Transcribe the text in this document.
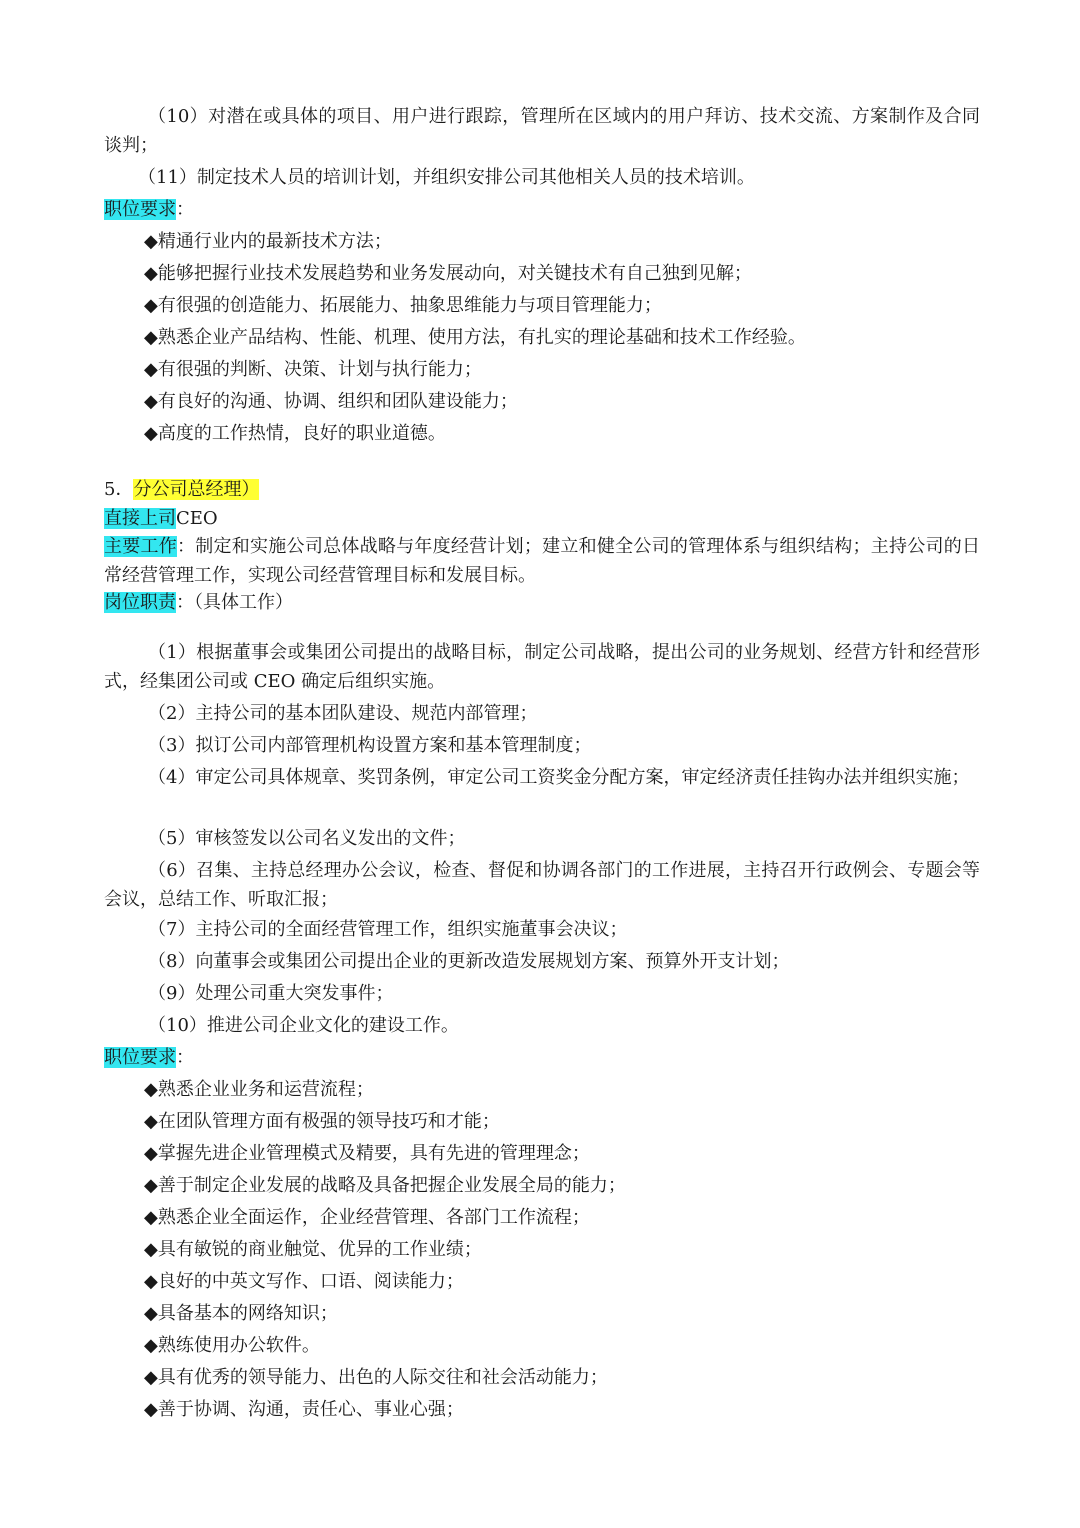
（10）对潜在或具体的项目、用户进行跟踪，管理所在区域内的用户拜访、技术交流、方案制作及合同谈判；
（11）制定技术人员的培训计划，并组织安排公司其他相关人员的技术培训。
职位要求：
◆精通行业内的最新技术方法；
◆能够把握行业技术发展趋势和业务发展动向，对关键技术有自己独到见解；
◆有很强的创造能力、拓展能力、抽象思维能力与项目管理能力；
◆熟悉企业产品结构、性能、机理、使用方法，有扎实的理论基础和技术工作经验。
◆有很强的判断、决策、计划与执行能力；
◆有良好的沟通、协调、组织和团队建设能力；
◆高度的工作热情，良好的职业道德。
5．分公司总经理）
直接上司CEO
主要工作：制定和实施公司总体战略与年度经营计划；建立和健全公司的管理体系与组织结构；主持公司的日常经营管理工作，实现公司经营管理目标和发展目标。
岗位职责：（具体工作）
（1）根据董事会或集团公司提出的战略目标，制定公司战略，提出公司的业务规划、经营方针和经营形式，经集团公司或 CEO 确定后组织实施。
（2）主持公司的基本团队建设、规范内部管理；
（3）拟订公司内部管理机构设置方案和基本管理制度；
（4）审定公司具体规章、奖罚条例，审定公司工资奖金分配方案，审定经济责任挂钩办法并组织实施；
（5）审核签发以公司名义发出的文件；
（6）召集、主持总经理办公会议，检查、督促和协调各部门的工作进展，主持召开行政例会、专题会等会议，总结工作、听取汇报；
（7）主持公司的全面经营管理工作，组织实施董事会决议；
（8）向董事会或集团公司提出企业的更新改造发展规划方案、预算外开支计划；
（9）处理公司重大突发事件；
（10）推进公司企业文化的建设工作。
职位要求：
◆熟悉企业业务和运营流程；
◆在团队管理方面有极强的领导技巧和才能；
◆掌握先进企业管理模式及精要，具有先进的管理理念；
◆善于制定企业发展的战略及具备把握企业发展全局的能力；
◆熟悉企业全面运作，企业经营管理、各部门工作流程；
◆具有敏锐的商业触觉、优异的工作业绩；
◆良好的中英文写作、口语、阅读能力；
◆具备基本的网络知识；
◆熟练使用办公软件。
◆具有优秀的领导能力、出色的人际交往和社会活动能力；
◆善于协调、沟通，责任心、事业心强；
